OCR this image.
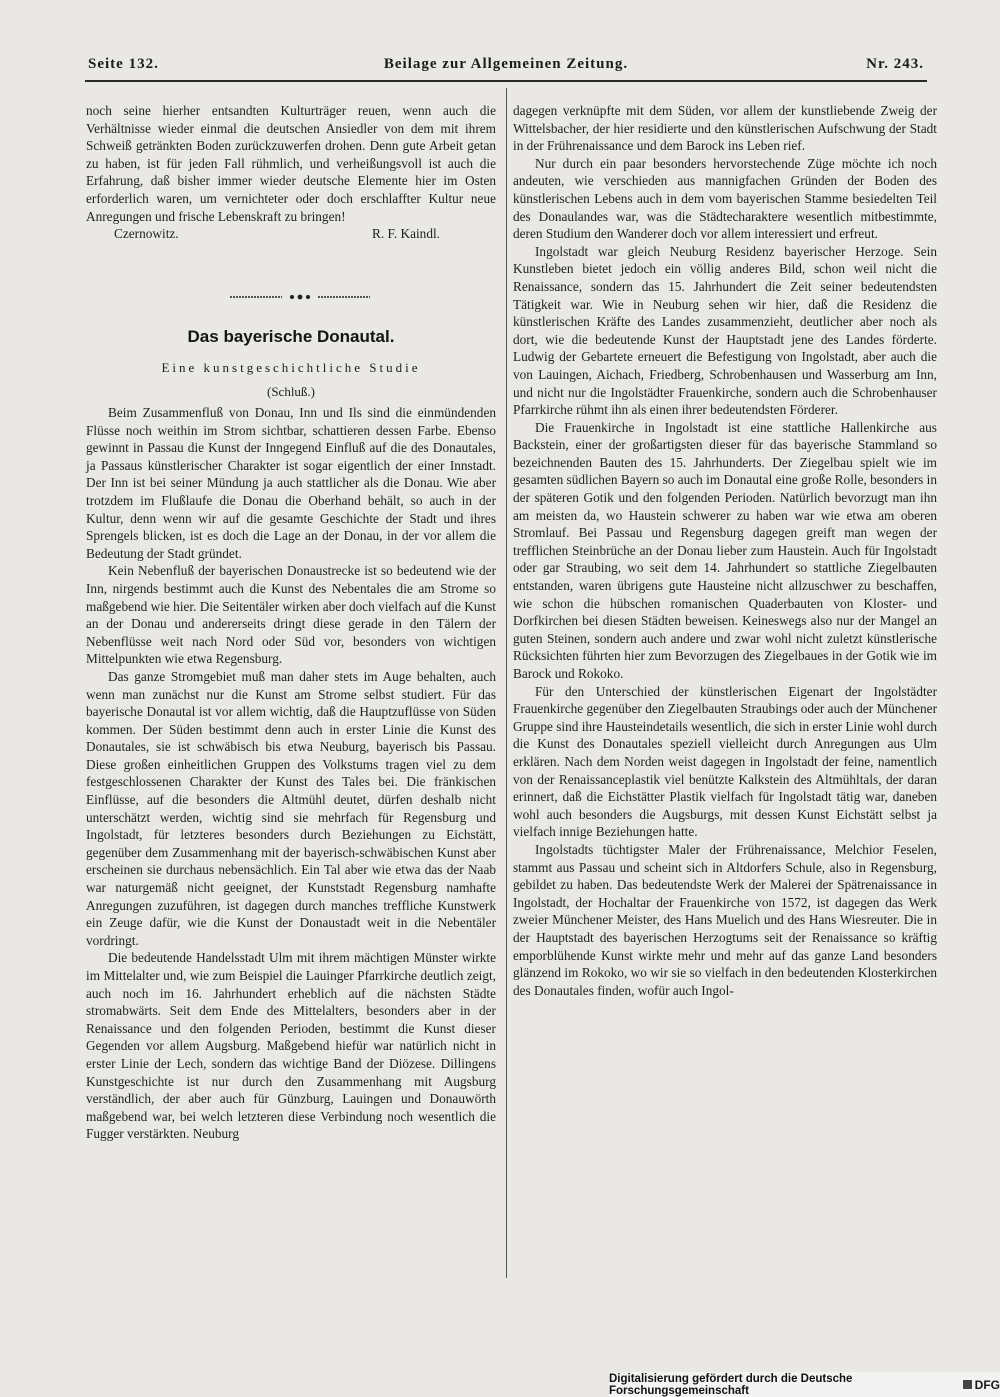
Seite 132.	Beilage zur Allgemeinen Zeitung.	Nr. 243.

noch seine hierher entsandten Kulturträger reuen, wenn auch die Verhältnisse wieder einmal die deutschen Ansiedler von dem mit ihrem Schweiß getränkten Boden zurückzuwerfen drohen. Denn gute Arbeit getan zu haben, ist für jeden Fall rühmlich, und verheißungsvoll ist auch die Erfahrung, daß bisher immer wieder deutsche Elemente hier im Osten erforderlich waren, um vernichteter oder doch erschlaffter Kultur neue Anregungen und frische Lebenskraft zu bringen!

Czernowitz.	R. F. Kaindl.
Das bayerische Donautal.
Eine kunstgeschichtliche Studie
(Schluß.)

Beim Zusammenfluß von Donau, Inn und Ils sind die einmündenden Flüsse noch weithin im Strom sichtbar, schattieren dessen Farbe. Ebenso gewinnt in Passau die Kunst der Inngegend Einfluß auf die des Donautales, ja Passaus künstlerischer Charakter ist sogar eigentlich der einer Innstadt. Der Inn ist bei seiner Mündung ja auch stattlicher als die Donau. Wie aber trotzdem im Flußlaufe die Donau die Oberhand behält, so auch in der Kultur, denn wenn wir auf die gesamte Geschichte der Stadt und ihres Sprengels blicken, ist es doch die Lage an der Donau, in der vor allem die Bedeutung der Stadt gründet.

Kein Nebenfluß der bayerischen Donaustrecke ist so bedeutend wie der Inn, nirgends bestimmt auch die Kunst des Nebentales die am Strome so maßgebend wie hier. Die Seitentäler wirken aber doch vielfach auf die Kunst an der Donau und andererseits dringt diese gerade in den Tälern der Nebenflüsse weit nach Nord oder Süd vor, besonders von wichtigen Mittelpunkten wie etwa Regensburg.

Das ganze Stromgebiet muß man daher stets im Auge behalten, auch wenn man zunächst nur die Kunst am Strome selbst studiert. Für das bayerische Donautal ist vor allem wichtig, daß die Hauptzuflüsse von Süden kommen. Der Süden bestimmt denn auch in erster Linie die Kunst des Donautales, sie ist schwäbisch bis etwa Neuburg, bayerisch bis Passau. Diese großen einheitlichen Gruppen des Volkstums tragen viel zu dem festgeschlossenen Charakter der Kunst des Tales bei. Die fränkischen Einflüsse, auf die besonders die Altmühl deutet, dürfen deshalb nicht unterschätzt werden, wichtig sind sie mehrfach für Regensburg und Ingolstadt, für letzteres besonders durch Beziehungen zu Eichstätt, gegenüber dem Zusammenhang mit der bayerisch-schwäbischen Kunst aber erscheinen sie durchaus nebensächlich. Ein Tal aber wie etwa das der Naab war naturgemäß nicht geeignet, der Kunststadt Regensburg namhafte Anregungen zuzuführen, ist dagegen durch manches treffliche Kunstwerk ein Zeuge dafür, wie die Kunst der Donaustadt weit in die Nebentäler vordringt.

Die bedeutende Handelsstadt Ulm mit ihrem mächtigen Münster wirkte im Mittelalter und, wie zum Beispiel die Lauinger Pfarrkirche deutlich zeigt, auch noch im 16. Jahrhundert erheblich auf die nächsten Städte stromabwärts. Seit dem Ende des Mittelalters, besonders aber in der Renaissance und den folgenden Perioden, bestimmt die Kunst dieser Gegenden vor allem Augsburg. Maßgebend hiefür war natürlich nicht in erster Linie der Lech, sondern das wichtige Band der Diözese. Dillingens Kunstgeschichte ist nur durch den Zusammenhang mit Augsburg verständlich, der aber auch für Günzburg, Lauingen und Donauwörth maßgebend war, bei welch letzteren diese Verbindung noch wesentlich die Fugger verstärkten. Neuburg

dagegen verknüpfte mit dem Süden, vor allem der kunstliebende Zweig der Wittelsbacher, der hier residierte und den künstlerischen Aufschwung der Stadt in der Frührenaissance und dem Barock ins Leben rief.

Nur durch ein paar besonders hervorstechende Züge möchte ich noch andeuten, wie verschieden aus mannigfachen Gründen der Boden des künstlerischen Lebens auch in dem vom bayerischen Stamme besiedelten Teil des Donaulandes war, was die Städtecharaktere wesentlich mitbestimmte, deren Studium den Wanderer doch vor allem interessiert und erfreut.

Ingolstadt war gleich Neuburg Residenz bayerischer Herzoge. Sein Kunstleben bietet jedoch ein völlig anderes Bild, schon weil nicht die Renaissance, sondern das 15. Jahrhundert die Zeit seiner bedeutendsten Tätigkeit war. Wie in Neuburg sehen wir hier, daß die Residenz die künstlerischen Kräfte des Landes zusammenzieht, deutlicher aber noch als dort, wie die bedeutende Kunst der Hauptstadt jene des Landes förderte. Ludwig der Gebartete erneuert die Befestigung von Ingolstadt, aber auch die von Lauingen, Aichach, Friedberg, Schrobenhausen und Wasserburg am Inn, und nicht nur die Ingolstädter Frauenkirche, sondern auch die Schrobenhauser Pfarrkirche rühmt ihn als einen ihrer bedeutendsten Förderer.

Die Frauenkirche in Ingolstadt ist eine stattliche Hallenkirche aus Backstein, einer der großartigsten dieser für das bayerische Stammland so bezeichnenden Bauten des 15. Jahrhunderts. Der Ziegelbau spielt wie im gesamten südlichen Bayern so auch im Donautal eine große Rolle, besonders in der späteren Gotik und den folgenden Perioden. Natürlich bevorzugt man ihn am meisten da, wo Haustein schwerer zu haben war wie etwa am oberen Stromlauf. Bei Passau und Regensburg dagegen greift man wegen der trefflichen Steinbrüche an der Donau lieber zum Haustein. Auch für Ingolstadt oder gar Straubing, wo seit dem 14. Jahrhundert so stattliche Ziegelbauten entstanden, waren übrigens gute Hausteine nicht allzuschwer zu beschaffen, wie schon die hübschen romanischen Quaderbauten von Kloster- und Dorfkirchen bei diesen Städten beweisen. Keineswegs also nur der Mangel an guten Steinen, sondern auch andere und zwar wohl nicht zuletzt künstlerische Rücksichten führten hier zum Bevorzugen des Ziegelbaues in der Gotik wie im Barock und Rokoko.

Für den Unterschied der künstlerischen Eigenart der Ingolstädter Frauenkirche gegenüber den Ziegelbauten Straubings oder auch der Münchener Gruppe sind ihre Hausteindetails wesentlich, die sich in erster Linie wohl durch die Kunst des Donautales speziell vielleicht durch Anregungen aus Ulm erklären. Nach dem Norden weist dagegen in Ingolstadt der feine, namentlich von der Renaissanceplastik viel benützte Kalkstein des Altmühltals, der daran erinnert, daß die Eichstätter Plastik vielfach für Ingolstadt tätig war, daneben wohl auch besonders die Augsburgs, mit dessen Kunst Eichstätt selbst ja vielfach innige Beziehungen hatte.

Ingolstadts tüchtigster Maler der Frührenaissance, Melchior Feselen, stammt aus Passau und scheint sich in Altdorfers Schule, also in Regensburg, gebildet zu haben. Das bedeutendste Werk der Malerei der Spätrenaissance in Ingolstadt, der Hochaltar der Frauenkirche von 1572, ist dagegen das Werk zweier Münchener Meister, des Hans Muelich und des Hans Wiesreuter. Die in der Hauptstadt des bayerischen Herzogtums seit der Renaissance so kräftig emporblühende Kunst wirkte mehr und mehr auf das ganze Land besonders glänzend im Rokoko, wo wir sie so vielfach in den bedeutenden Klosterkirchen des Donautales finden, wofür auch Ingol-

Digitalisierung gefördert durch die Deutsche Forschungsgemeinschaft	DFG
